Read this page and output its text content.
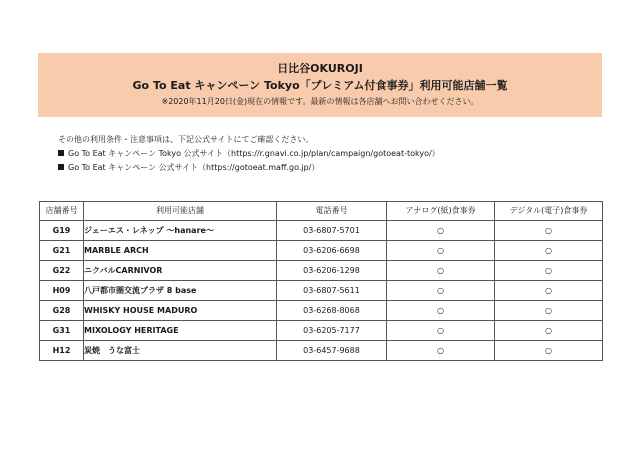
日比谷OKUROJI
Go To Eat キャンペーン Tokyo「プレミアム付食事券」利用可能店舗一覧
※2020年11月20日(金)現在の情報です。最新の情報は各店舗へお問い合わせください。
その他の利用条件・注意事項は、下記公式サイトにてご確認ください。
Go To Eat キャンペーン Tokyo 公式サイト（https://r.gnavi.co.jp/plan/campaign/gotoeat-tokyo/）
Go To Eat キャンペーン 公式サイト（https://gotoeat.maff.go.jp/）
店舗番号	利用可能店舗	電話番号	アナログ(紙)食事券	デジタル(電子)食事券
G19	ジェーエス・レネップ ～hanare～	03-6807-5701	○	○
G21	MARBLE ARCH	03-6206-6698	○	○
G22	ニクバルCARNIVOR	03-6206-1298	○	○
H09	八戸都市圏交流プラザ 8 base	03-6807-5611	○	○
G28	WHISKY HOUSE MADURO	03-6268-8068	○	○
G31	MIXOLOGY HERITAGE	03-6205-7177	○	○
H12	炭焼　うな富士	03-6457-9688	○	○
